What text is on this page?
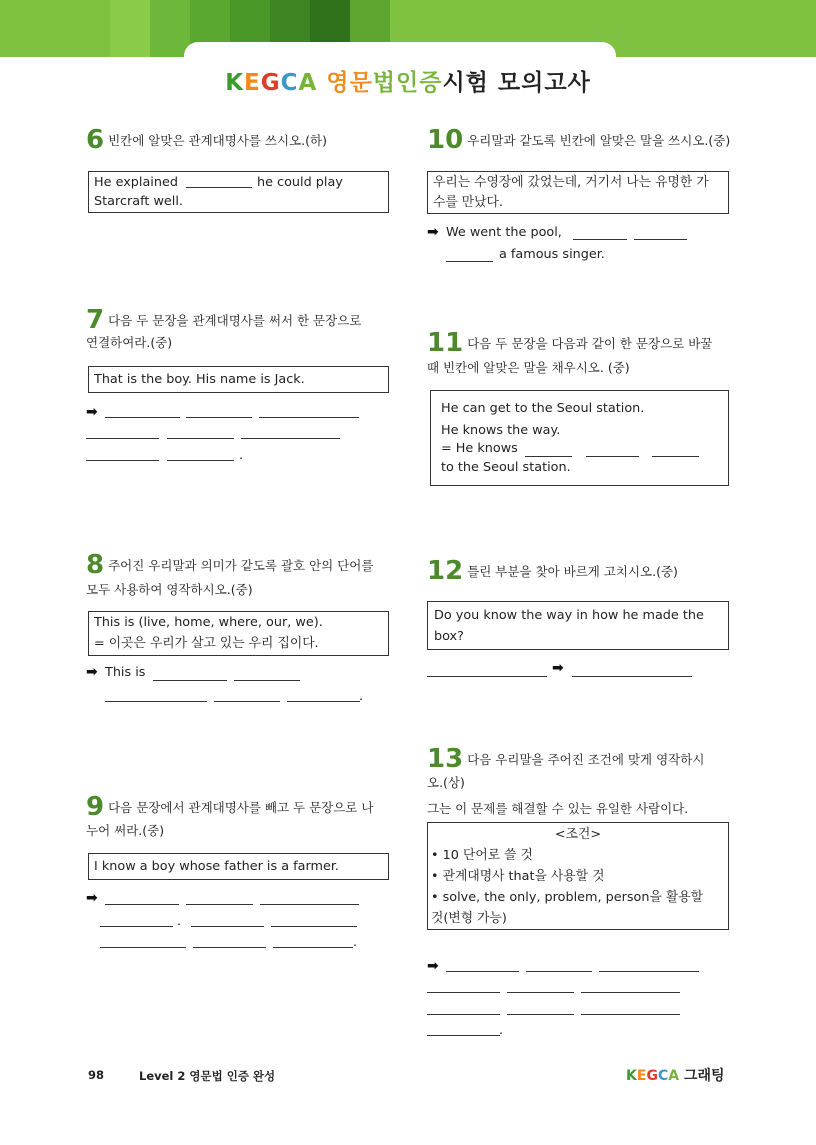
KEGCA 영문법인증시험 모의고사
6 빈칸에 알맞은 관계대명사를 쓰시오.(하)
He explained	he could play
Starcraft well.
7 다음 두 문장을 관계대명사를 써서 한 문장으로
연결하여라.(중)
That is the boy. His name is Jack.
➡
.
8 주어진 우리말과 의미가 같도록 괄호 안의 단어를
모두 사용하여 영작하시오.(중)
This is (live, home, where, our, we).
= 이곳은 우리가 살고 있는 우리 집이다.
➡ This is
.
9 다음 문장에서 관계대명사를 빼고 두 문장으로 나
누어 써라.(중)
I know a boy whose father is a farmer.
➡
.
.
10 우리말과 같도록 빈칸에 알맞은 말을 쓰시오.(중)
우리는 수영장에 갔었는데, 거기서 나는 유명한 가
수를 만났다.
➡ We went the pool,
a famous singer.
11 다음 두 문장을 다음과 같이 한 문장으로 바꿀
때 빈칸에 알맞은 말을 채우시오. (중)
He can get to the Seoul station.
He knows the way.
= He knows
to the Seoul station.
12 틀린 부분을 찾아 바르게 고치시오.(중)
Do you know the way in how he made the
box?
➡
13 다음 우리말을 주어진 조건에 맞게 영작하시
오.(상)
그는 이 문제를 해결할 수 있는 유일한 사람이다.
<조건>
• 10 단어로 쓸 것
• 관계대명사 that을 사용할 것
• solve, the only, problem, person을 활용할
것(변형 가능)
➡
.
98	Level 2 영문법 인증 완성	KEGCA 그래팅
